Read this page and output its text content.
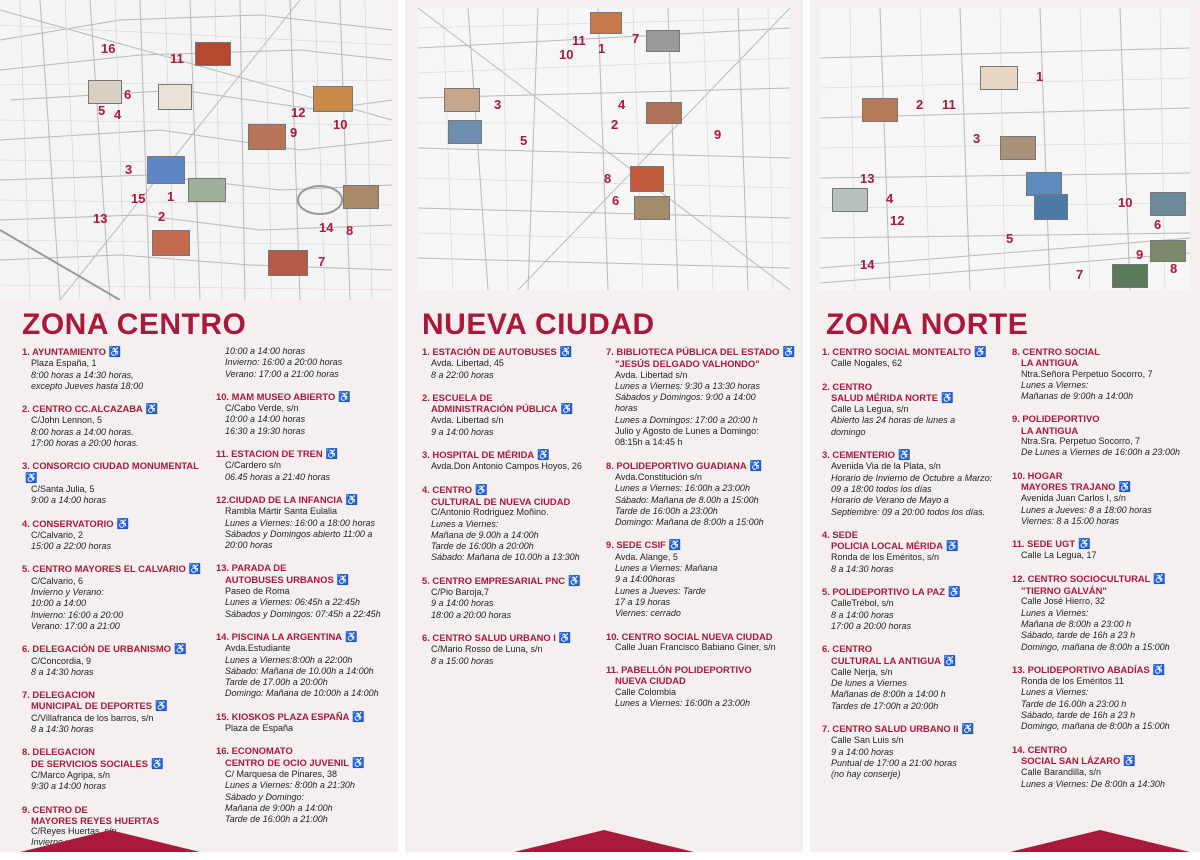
1
2
3
4
5
6
7
8
9
10
11
12
13
14
15
16	1
2
3	4
5
6
7
8
9
10
11
1
2
3
4
5
6
7	8
9
10
11
12
13
14
ZONA CENTRO	NUEVA CIUDAD	ZONA NORTE
1. AYUNTAMIENTO ♿
Plaza España, 1
8:00 horas a 14:30 horas,
excepto Jueves hasta 18:00
2. CENTRO CC.ALCAZABA ♿
C/John Lennon, 5
8:00 horas a 14:00 horas.
17:00 horas a 20:00 horas.
3. CONSORCIO CIUDAD MONUMENTAL♿
C/Santa Julia, 5
9:00 a 14:00 horas
4. CONSERVATORIO ♿
C/Calvario, 2
15:00 a 22:00 horas
5. CENTRO MAYORES EL CALVARIO ♿
C/Calvario, 6
Invierno y Verano:
10:00 a 14:00
Invierno: 16:00 a 20:00
Verano: 17:00 a 21:00
6. DELEGACIÓN DE URBANISMO ♿
C/Concordia, 9
8 a 14:30 horas
7. DELEGACION
MUNICIPAL DE DEPORTES ♿
C/Villafranca de los barros, s/n
8 a 14:30 horas
8. DELEGACION
DE SERVICIOS SOCIALES ♿
C/Marco Agripa, s/n
9:30 a 14:00 horas
9. CENTRO DE
MAYORES REYES HUERTAS
C/Reyes Huertas, s/n
Invierno y Verano:
10:00 a 14:00 horas
Invierno: 16:00 a 20:00 horas
Verano: 17:00 a 21:00 horas
10. MAM MUSEO ABIERTO ♿
C/Cabo Verde, s/n
10:00 a 14:00 horas
16:30 a 19:30 horas
11. ESTACION DE TREN ♿
C/Cardero s/n
06.45 horas a 21:40 horas
12.CIUDAD DE LA INFANCIA ♿
Rambla Mártir Santa Eulalia
Lunes a Viernes: 16:00 a 18:00 horas
Sábados y Domingos abierto 11:00 a
20:00 horas
13. PARADA DE
AUTOBUSES URBANOS ♿
Paseo de Roma
Lunes a Viernes: 06:45h a 22:45h
Sábados y Domingos: 07:45h a 22:45h
14. PISCINA LA ARGENTINA ♿
Avda.Estudiante
Lunes a Viernes:8:00h a 22:00h
Sábado: Mañana de 10.00h a 14:00h
Tarde de 17.00h a 20:00h
Domingo: Mañana de 10:00h a 14:00h
15. KIOSKOS PLAZA ESPAÑA ♿
Plaza de España
16. ECONOMATO
CENTRO DE OCIO JUVENIL ♿
C/ Marquesa de Pinares, 38
Lunes a Viernes: 8:00h a 21:30h
Sábado y Domingo:
Mañana de 9:00h a 14:00h
Tarde de 16:00h a 21:00h
1. ESTACIÓN DE AUTOBUSES ♿
Avda. Libertad, 45
8 a 22:00 horas
2. ESCUELA DE
ADMINISTRACIÓN PÚBLICA ♿
Avda. Libertad s/n
9 a 14:00 horas
3. HOSPITAL DE MÉRIDA ♿
Avda.Don Antonio Campos Hoyos, 26
4. CENTRO ♿
CULTURAL DE NUEVA CIUDAD
C/Antonio Rodriguez Moñino.
Lunes a Viernes:
Mañana de 9.00h a 14:00h
Tarde de 16:00h a 20:00h
Sábado: Mañana de 10.00h a 13:30h
5. CENTRO EMPRESARIAL PNC ♿
C/Pio Baroja,7
9 a 14:00 horas
18:00 a 20:00 horas
6. CENTRO SALUD URBANO I ♿
C/Mario Rosso de Luna, s/n
8 a 15:00 horas
7. BIBLIOTECA PÚBLICA DEL ESTADO ♿
"JESÚS DELGADO VALHONDO"
Avda. Libertad s/n
Lunes a Viernes: 9:30 a 13:30 horas
Sábados y Domingos: 9:00 a 14:00
horas
Lunes a Domingos: 17:00 a 20:00 h
Julio y Agosto de Lunes a Domingo:
08:15h a 14:45 h
8. POLIDEPORTIVO GUADIANA ♿
Avda.Constitución s/n
Lunes a Viernes: 16:00h a 23:00h
Sábado: Mañana de 8.00h a 15:00h
Tarde de 16:00h a 23:00h
Domingo: Mañana de 8:00h a 15:00h
9. SEDE CSIF ♿
Avda. Alange, 5
Lunes a Viernes: Mañana
9 a 14:00horas
Lunes a Jueves: Tarde
17 a 19 horas
Viernes: cerrado
10. CENTRO SOCIAL NUEVA CIUDAD
Calle Juan Francisco Babiano Giner, s/n
11. PABELLÓN POLIDEPORTIVO
NUEVA CIUDAD
Calle Colombia
Lunes a Viernes: 16:00h a 23:00h
1. CENTRO SOCIAL MONTEALTO ♿
Calle Nogales, 62
2. CENTRO
SALUD MÉRIDA NORTE ♿
Calle La Legua, s/n
Abierto las 24 horas de lunes a
domingo
3. CEMENTERIO ♿
Avenida Via de la Plata, s/n
Horario de Invierno de Octubre a Marzo:
09 a 18:00 todos los días
Horario de Verano de Mayo a
Septiembre: 09 a 20:00 todos los días.
4. SEDE
POLICIA LOCAL MÉRIDA ♿
Ronda de los Eméritos, s/n
8 a 14:30 horas
5. POLIDEPORTIVO LA PAZ ♿
CalleTrébol, s/n
8 a 14:00 horas
17:00 a 20:00 horas
6. CENTRO
CULTURAL LA ANTIGUA ♿
Calle Nerja, s/n
De lunes a Viernes
Mañanas de 8:00h a 14:00 h
Tardes de 17:00h a 20:00h
7. CENTRO SALUD URBANO II ♿
Calle San Luis s/n
9 a 14:00 horas
Puntual de 17:00 a 21:00 horas
(no hay conserje)
8. CENTRO SOCIAL
LA ANTIGUA
Ntra.Señora Perpetuo Socorro, 7
Lunes a Viernes:
Mañanas de 9:00h a 14:00h
9. POLIDEPORTIVO
LA ANTIGUA
Ntra.Sra. Perpetuo Socorro, 7
De Lunes a Viernes de 16:00h a 23:00h
10. HOGAR
MAYORES TRAJANO ♿
Avenida Juan Carlos I, s/n
Lunes a Jueves: 8 a 18:00 horas
Viernes: 8 a 15:00 horas
11. SEDE UGT ♿
Calle La Legua, 17
12. CENTRO SOCIOCULTURAL ♿
"TIERNO GALVÁN"
Calle José Hierro, 32
Lunes a Viernes:
Mañana de 8:00h a 23:00 h
Sábado, tarde de 16h a 23 h
Domingo, mañana de 8:00h a 15:00h
13. POLIDEPORTIVO ABADÍAS ♿
Ronda de los Eméritos 11
Lunes a Viernes:
Tarde de 16.00h a 23:00 h
Sábado, tarde de 16h a 23 h
Domingo, mañana de 8:00h a 15:00h
14. CENTRO
SOCIAL SAN LÁZARO ♿
Calle Barandilla, s/n
Lunes a Viernes: De 8:00h a 14:30h
